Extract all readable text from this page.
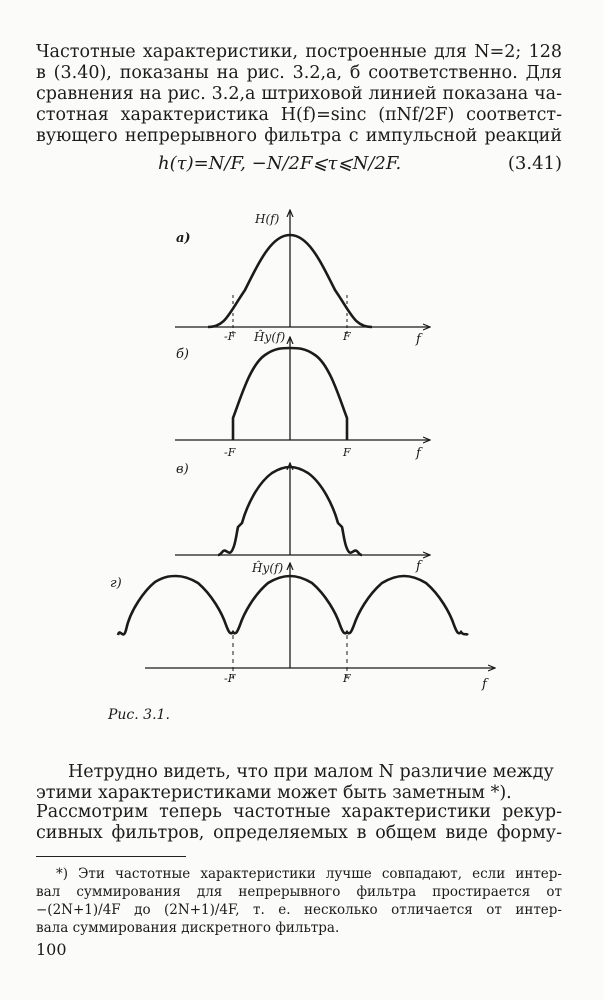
Частотные характеристики, построенные для N=2; 128
в (3.40), показаны на рис. 3.2,а, б соответственно. Для
сравнения на рис. 3.2,а штриховой линией показана ча-
стотная характеристика H(f)=sinc (πNf/2F) соответст-
вующего непрерывного фильтра с импульсной реакций

h(τ)=N/F, −N/2F⩽τ⩽N/2F.	(3.41)
а)
H(f)
-F	F	f
б)
Ĥу(f)
-F	F	f
в)
f
г)
Ĥу(f)
-F	F	f
Рис. 3.1.

Нетрудно видеть, что при малом N различие между

этими характеристиками может быть заметным *).

Рассмотрим теперь частотные характеристики рекур-
сивных фильтров, определяемых в общем виде форму-

*) Эти частотные характеристики лучше совпадают, если интер-
вал суммирования для непрерывного фильтра простирается от
−(2N+1)/4F до (2N+1)/4F, т. е. несколько отличается от интер-
вала суммирования дискретного фильтра.

100
